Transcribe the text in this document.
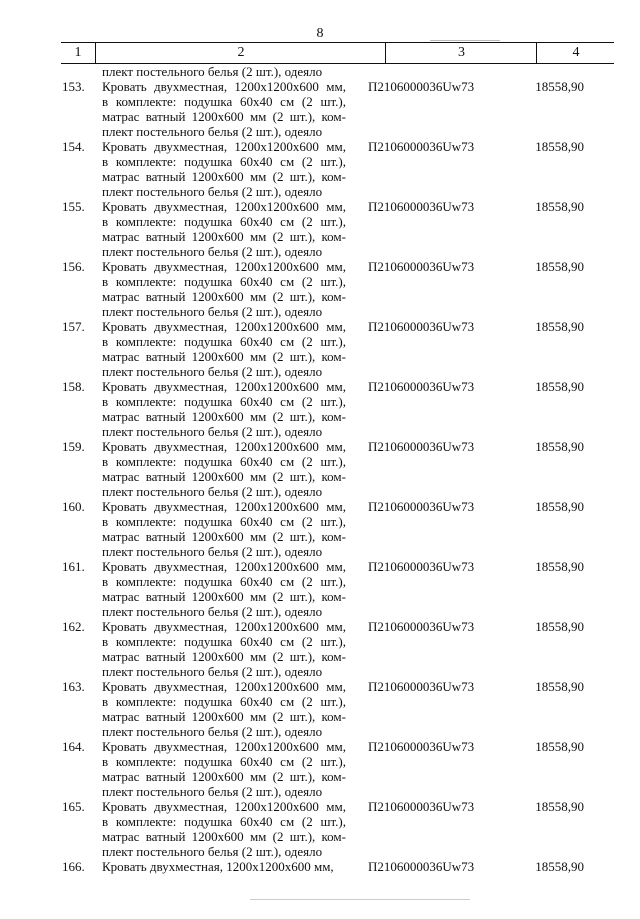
8
1	2	3	4
плект постельного белья (2 шт.), одеяло
153.	Кровать двухместная, 1200x1200x600 мм,
в комплекте: подушка 60x40 см (2 шт.),
матрас ватный 1200x600 мм (2 шт.), ком-
плект постельного белья (2 шт.), одеяло
П2106000036Uw73	18558,90
154.	Кровать двухместная, 1200x1200x600 мм,
в комплекте: подушка 60x40 см (2 шт.),
матрас ватный 1200x600 мм (2 шт.), ком-
плект постельного белья (2 шт.), одеяло
П2106000036Uw73	18558,90
155.	Кровать двухместная, 1200x1200x600 мм,
в комплекте: подушка 60x40 см (2 шт.),
матрас ватный 1200x600 мм (2 шт.), ком-
плект постельного белья (2 шт.), одеяло
П2106000036Uw73	18558,90
156.	Кровать двухместная, 1200x1200x600 мм,
в комплекте: подушка 60x40 см (2 шт.),
матрас ватный 1200x600 мм (2 шт.), ком-
плект постельного белья (2 шт.), одеяло
П2106000036Uw73	18558,90
157.	Кровать двухместная, 1200x1200x600 мм,
в комплекте: подушка 60x40 см (2 шт.),
матрас ватный 1200x600 мм (2 шт.), ком-
плект постельного белья (2 шт.), одеяло
П2106000036Uw73	18558,90
158.	Кровать двухместная, 1200x1200x600 мм,
в комплекте: подушка 60x40 см (2 шт.),
матрас ватный 1200x600 мм (2 шт.), ком-
плект постельного белья (2 шт.), одеяло
П2106000036Uw73	18558,90
159.	Кровать двухместная, 1200x1200x600 мм,
в комплекте: подушка 60x40 см (2 шт.),
матрас ватный 1200x600 мм (2 шт.), ком-
плект постельного белья (2 шт.), одеяло
П2106000036Uw73	18558,90
160.	Кровать двухместная, 1200x1200x600 мм,
в комплекте: подушка 60x40 см (2 шт.),
матрас ватный 1200x600 мм (2 шт.), ком-
плект постельного белья (2 шт.), одеяло
П2106000036Uw73	18558,90
161.	Кровать двухместная, 1200x1200x600 мм,
в комплекте: подушка 60x40 см (2 шт.),
матрас ватный 1200x600 мм (2 шт.), ком-
плект постельного белья (2 шт.), одеяло
П2106000036Uw73	18558,90
162.	Кровать двухместная, 1200x1200x600 мм,
в комплекте: подушка 60x40 см (2 шт.),
матрас ватный 1200x600 мм (2 шт.), ком-
плект постельного белья (2 шт.), одеяло
П2106000036Uw73	18558,90
163.	Кровать двухместная, 1200x1200x600 мм,
в комплекте: подушка 60x40 см (2 шт.),
матрас ватный 1200x600 мм (2 шт.), ком-
плект постельного белья (2 шт.), одеяло
П2106000036Uw73	18558,90
164.	Кровать двухместная, 1200x1200x600 мм,
в комплекте: подушка 60x40 см (2 шт.),
матрас ватный 1200x600 мм (2 шт.), ком-
плект постельного белья (2 шт.), одеяло
П2106000036Uw73	18558,90
165.	Кровать двухместная, 1200x1200x600 мм,
в комплекте: подушка 60x40 см (2 шт.),
матрас ватный 1200x600 мм (2 шт.), ком-
плект постельного белья (2 шт.), одеяло
П2106000036Uw73	18558,90
166.	Кровать двухместная, 1200x1200x600 мм,	П2106000036Uw73	18558,90
